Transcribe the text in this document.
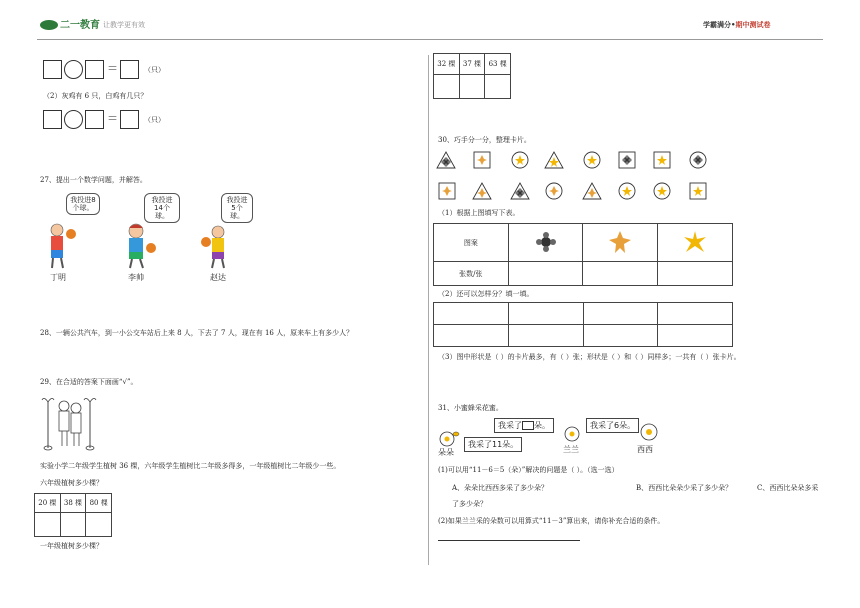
二一教育 让教学更有效	学霸满分•期中测试卷
＝	（只）
（2）灰鸡有 6 只，白鸡有几只？
＝	（只）
27、提出一个数学问题，并解答。
我投进8个球。
我投进14个球。
我投进5个球。
丁明	李帅	赵达
28、一辆公共汽车，到一小公交车站后上来 8 人，下去了 7 人，现在有 16 人，原来车上有多少人？
29、在合适的答案下面画“√”。
实验小学二年级学生植树 36 棵，六年级学生植树比二年级多得多，一年级植树比二年级少一些。
六年级植树多少棵？
20 棵	38 棵	80 棵

一年级植树多少棵？
32 棵	37 棵	63 棵

30、巧手分一分，整理卡片。
（1）根据上图填写下表。
图案			
张数/张			
（2）还可以怎样分？填一填。

（3）图中形状是（ ）的卡片最多，有（ ）张；形状是（ ）和（ ）同样多；一共有（ ）张卡片。
31、小蜜蜂采花蜜。
我采了11朵。
我采了 朵。	我采了6朵。
朵朵	兰兰	西西
(1)可以用“11－6＝5（朵）”解决的问题是（ ）。（选一选）
A、朵朵比西西多采了多少朵？	B、西西比朵朵少采了多少朵？	C、西西比朵朵多采
了多少朵？
(2)如果兰兰采的朵数可以用算式“11－3”算出来，请你补充合适的条件。
